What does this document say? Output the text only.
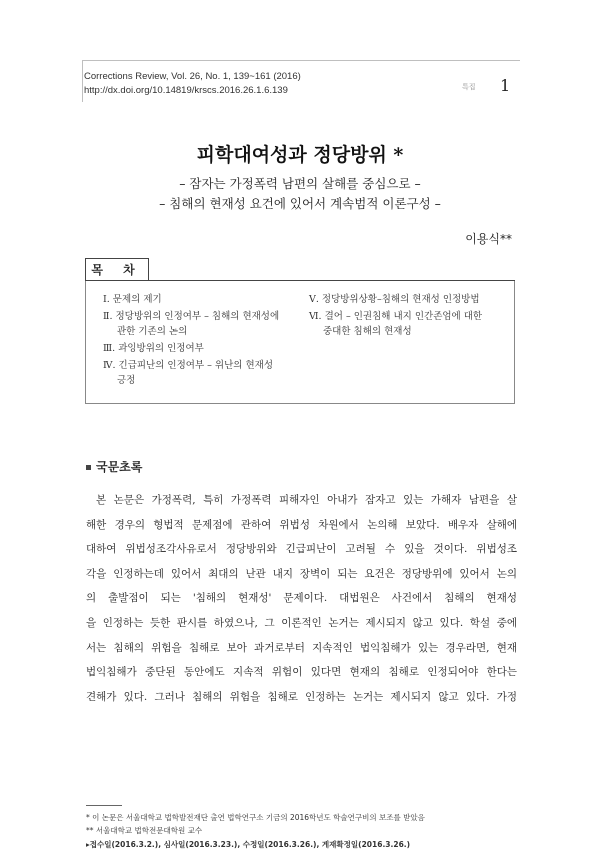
Corrections Review, Vol. 26, No. 1, 139~161 (2016)
http://dx.doi.org/10.14819/krscs.2016.26.1.6.139	특집 1
피학대여성과 정당방위 *
– 잠자는 가정폭력 남편의 살해를 중심으로 –
– 침해의 현재성 요건에 있어서 계속범적 이론구성 –
이용식**
목 차
Ⅰ. 문제의 제기
Ⅱ. 정당방위의 인정여부 – 침해의 현재성에
관한 기존의 논의
Ⅲ. 과잉방위의 인정여부
Ⅳ. 긴급피난의 인정여부 – 위난의 현재성
긍정
Ⅴ. 정당방위상황–침해의 현재성 인정방법
Ⅵ. 결어 – 인권침해 내지 인간존엄에 대한
중대한 침해의 현재성
국문초록
본 논문은 가정폭력, 특히 가정폭력 피해자인 아내가 잠자고 있는 가해자 남편을 살
해한 경우의 형법적 문제점에 관하여 위법성 차원에서 논의해 보았다. 배우자 살해에
대하여 위법성조각사유로서 정당방위와 긴급피난이 고려될 수 있을 것이다. 위법성조
각을 인정하는데 있어서 최대의 난관 내지 장벽이 되는 요건은 정당방위에 있어서 논의
의 출발점이 되는 '침해의 현재성' 문제이다. 대법원은 사건에서 침해의 현재성
을 인정하는 듯한 판시를 하였으나, 그 이론적인 논거는 제시되지 않고 있다. 학설 중에
서는 침해의 위험을 침해로 보아 과거로부터 지속적인 법익침해가 있는 경우라면, 현재
법익침해가 중단된 동안에도 지속적 위험이 있다면 현재의 침해로 인정되어야 한다는
견해가 있다. 그러나 침해의 위험을 침해로 인정하는 논거는 제시되지 않고 있다. 가정
* 이 논문은 서울대학교 법학발전재단 출연 법학연구소 기금의 2016학년도 학술연구비의 보조를 받았음
** 서울대학교 법학전문대학원 교수
▸접수일(2016.3.2.), 심사일(2016.3.23.), 수정일(2016.3.26.), 게재확정일(2016.3.26.)
